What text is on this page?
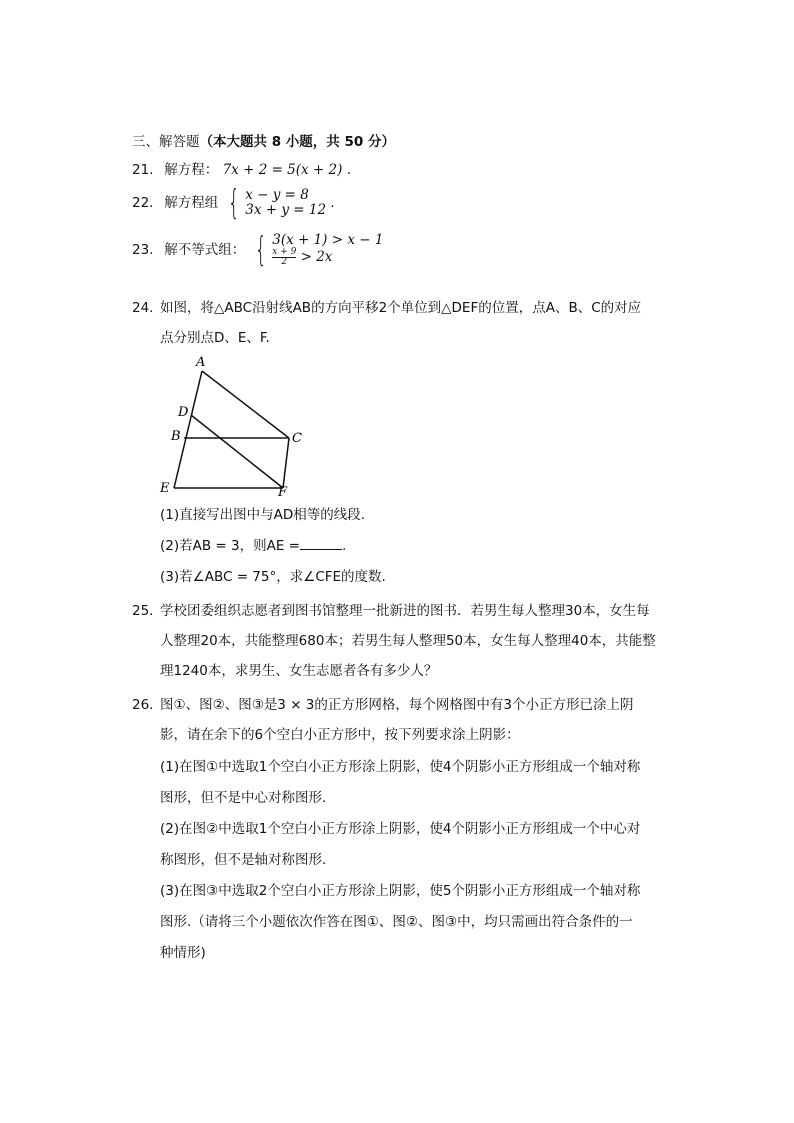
三、解答题（本大题共 8 小题，共 50 分）
21. 解方程： 7x + 2 = 5(x + 2) .
22. 解方程组 { x − y = 8
3x + y = 12 .
23. 解不等式组： { 3(x + 1) > x − 1
$\frac{x + 9}{2} > 2x$
24. 如图，将△ABC沿射线AB的方向平移2个单位到△DEF的位置，点A、B、C的对应
点分别点D、E、F.
A
D
B	C
E	F
(1)直接写出图中与AD相等的线段.
(2)若AB = 3，则AE =	.
(3)若∠ABC = 75°，求∠CFE的度数.
25. 学校团委组织志愿者到图书馆整理一批新进的图书．若男生每人整理30本，女生每
人整理20本，共能整理680本；若男生每人整理50本，女生每人整理40本，共能整
理1240本，求男生、女生志愿者各有多少人？
26. 图①、图②、图③是3 × 3的正方形网格，每个网格图中有3个小正方形已涂上阴
影，请在余下的6个空白小正方形中，按下列要求涂上阴影：
(1)在图①中选取1个空白小正方形涂上阴影，使4个阴影小正方形组成一个轴对称
图形，但不是中心对称图形.
(2)在图②中选取1个空白小正方形涂上阴影，使4个阴影小正方形组成一个中心对
称图形，但不是轴对称图形.
(3)在图③中选取2个空白小正方形涂上阴影，使5个阴影小正方形组成一个轴对称
图形.（请将三个小题依次作答在图①、图②、图③中，均只需画出符合条件的一
种情形)
